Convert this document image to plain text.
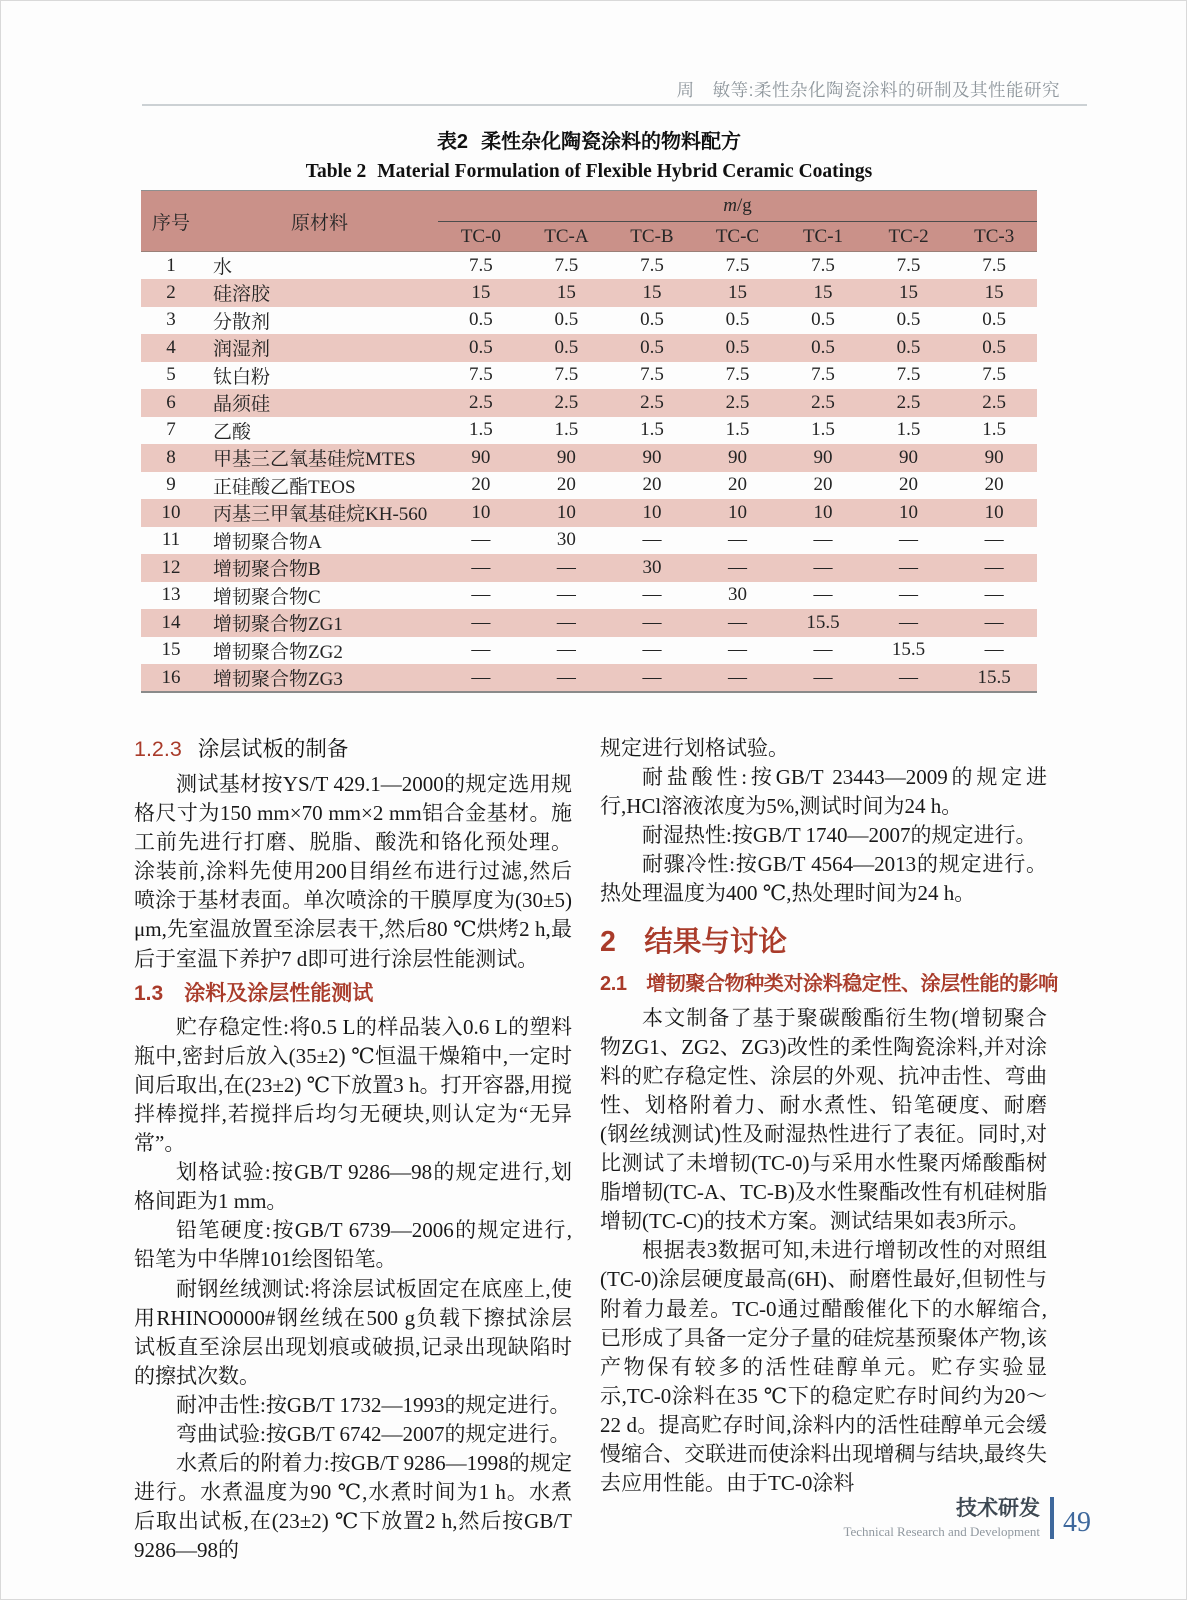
周　敏等:柔性杂化陶瓷涂料的研制及其性能研究
表2 柔性杂化陶瓷涂料的物料配方
Table 2 Material Formulation of Flexible Hybrid Ceramic Coatings
序号	原材料	m/g						
		TC-0	TC-A	TC-B	TC-C	TC-1	TC-2	TC-3
1	水	7.5	7.5	7.5	7.5	7.5	7.5	7.5
2	硅溶胶	15	15	15	15	15	15	15
3	分散剂	0.5	0.5	0.5	0.5	0.5	0.5	0.5
4	润湿剂	0.5	0.5	0.5	0.5	0.5	0.5	0.5
5	钛白粉	7.5	7.5	7.5	7.5	7.5	7.5	7.5
6	晶须硅	2.5	2.5	2.5	2.5	2.5	2.5	2.5
7	乙酸	1.5	1.5	1.5	1.5	1.5	1.5	1.5
8	甲基三乙氧基硅烷MTES	90	90	90	90	90	90	90
9	正硅酸乙酯TEOS	20	20	20	20	20	20	20
10	丙基三甲氧基硅烷KH-560	10	10	10	10	10	10	10
11	增韧聚合物A	—	30	—	—	—	—	—
12	增韧聚合物B	—	—	30	—	—	—	—
13	增韧聚合物C	—	—	—	30	—	—	—
14	增韧聚合物ZG1	—	—	—	—	15.5	—	—
15	增韧聚合物ZG2	—	—	—	—	—	15.5	—
16	增韧聚合物ZG3	—	—	—	—	—	—	15.5
1.2.3 涂层试板的制备

测试基材按YS/T 429.1—2000的规定选用规格尺寸为150 mm×70 mm×2 mm铝合金基材。施工前先进行打磨、脱脂、酸洗和铬化预处理。涂装前,涂料先使用200目绢丝布进行过滤,然后喷涂于基材表面。单次喷涂的干膜厚度为(30±5) μm,先室温放置至涂层表干,然后80 ℃烘烤2 h,最后于室温下养护7 d即可进行涂层性能测试。

1.3　涂料及涂层性能测试

贮存稳定性:将0.5 L的样品装入0.6 L的塑料瓶中,密封后放入(35±2) ℃恒温干燥箱中,一定时间后取出,在(23±2) ℃下放置3 h。打开容器,用搅拌棒搅拌,若搅拌后均匀无硬块,则认定为“无异常”。

划格试验:按GB/T 9286—98的规定进行,划格间距为1 mm。

铅笔硬度:按GB/T 6739—2006的规定进行,铅笔为中华牌101绘图铅笔。

耐钢丝绒测试:将涂层试板固定在底座上,使用RHINO0000#钢丝绒在500 g负载下擦拭涂层试板直至涂层出现划痕或破损,记录出现缺陷时的擦拭次数。

耐冲击性:按GB/T 1732—1993的规定进行。

弯曲试验:按GB/T 6742—2007的规定进行。

水煮后的附着力:按GB/T 9286—1998的规定进行。水煮温度为90 ℃,水煮时间为1 h。水煮后取出试板,在(23±2) ℃下放置2 h,然后按GB/T 9286—98的

规定进行划格试验。

耐盐酸性:按GB/T 23443—2009的规定进行,HCl溶液浓度为5%,测试时间为24 h。

耐湿热性:按GB/T 1740—2007的规定进行。

耐骤冷性:按GB/T 4564—2013的规定进行。热处理温度为400 ℃,热处理时间为24 h。

2　结果与讨论
2.1　增韧聚合物种类对涂料稳定性、涂层性能的影响

本文制备了基于聚碳酸酯衍生物(增韧聚合物ZG1、ZG2、ZG3)改性的柔性陶瓷涂料,并对涂料的贮存稳定性、涂层的外观、抗冲击性、弯曲性、划格附着力、耐水煮性、铅笔硬度、耐磨(钢丝绒测试)性及耐湿热性进行了表征。同时,对比测试了未增韧(TC-0)与采用水性聚丙烯酸酯树脂增韧(TC-A、TC-B)及水性聚酯改性有机硅树脂增韧(TC-C)的技术方案。测试结果如表3所示。

根据表3数据可知,未进行增韧改性的对照组(TC-0)涂层硬度最高(6H)、耐磨性最好,但韧性与附着力最差。TC-0通过醋酸催化下的水解缩合,已形成了具备一定分子量的硅烷基预聚体产物,该产物保有较多的活性硅醇单元。贮存实验显示,TC-0涂料在35 ℃下的稳定贮存时间约为20～22 d。提高贮存时间,涂料内的活性硅醇单元会缓慢缩合、交联进而使涂料出现增稠与结块,最终失去应用性能。由于TC-0涂料

技术研发
Technical Research and Development 49
